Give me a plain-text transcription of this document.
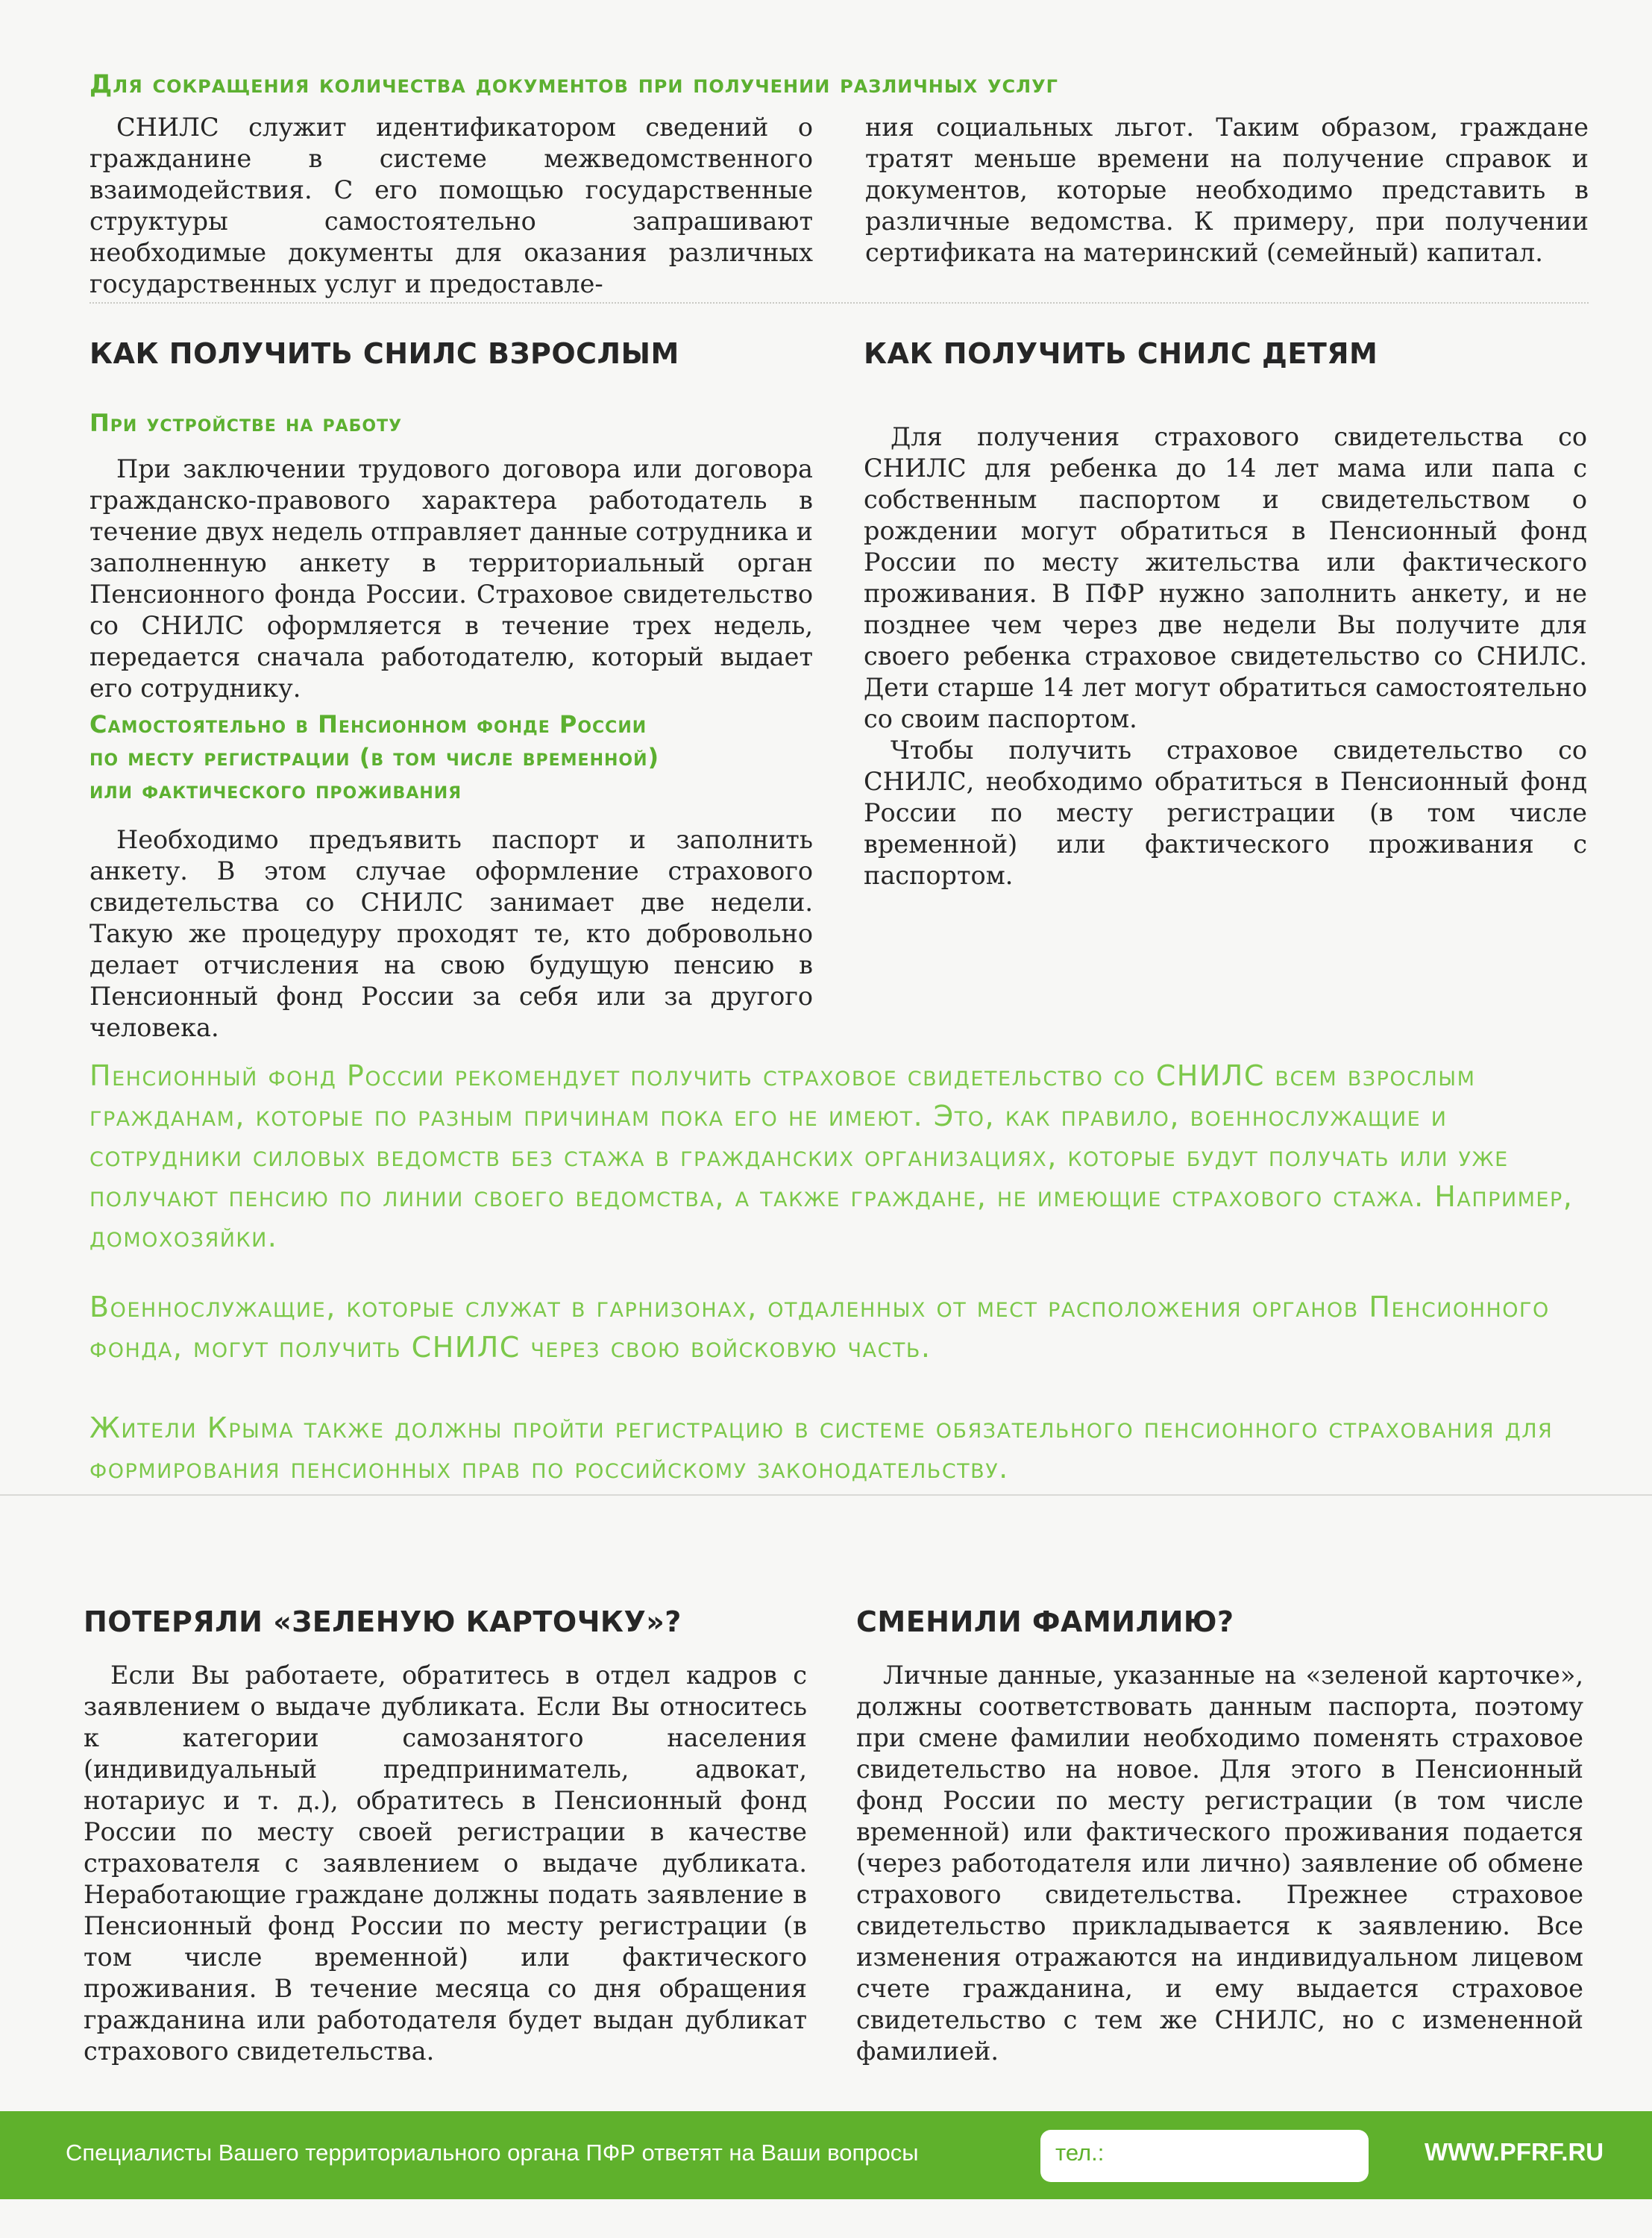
Для сокращения количества документов при получении различных услуг
СНИЛС служит идентификатором сведений о гражданине в системе межведомственного взаимодействия. С его помощью государственные структуры самостоятельно запрашивают необходимые документы для оказания различных государственных услуг и предоставле-
ния социальных льгот. Таким образом, граждане тратят меньше времени на получение справок и документов, которые необходимо представить в различные ведомства. К примеру, при получении сертификата на материнский (семейный) капитал.
КАК ПОЛУЧИТЬ СНИЛС ВЗРОСЛЫМ
При устройстве на работу
При заключении трудового договора или договора гражданско-правового характера работодатель в течение двух недель отправляет данные сотрудника и заполненную анкету в территориальный орган Пенсионного фонда России. Страховое свидетельство со СНИЛС оформляется в течение трех недель, передается сначала работодателю, который выдает его сотруднику.
Самостоятельно в Пенсионном фонде России
по месту регистрации (в том числе временной)
или фактического проживания
Необходимо предъявить паспорт и заполнить анкету. В этом случае оформление страхового свидетельства со СНИЛС занимает две недели. Такую же процедуру проходят те, кто добровольно делает отчисления на свою будущую пенсию в Пенсионный фонд России за себя или за другого человека.
КАК ПОЛУЧИТЬ СНИЛС ДЕТЯМ
Для получения страхового свидетельства со СНИЛС для ребенка до 14 лет мама или папа с собственным паспортом и свидетельством о рождении могут обратиться в Пенсионный фонд России по месту жительства или фактического проживания. В ПФР нужно заполнить анкету, и не позднее чем через две недели Вы получите для своего ребенка страховое свидетельство со СНИЛС. Дети старше 14 лет могут обратиться самостоятельно со своим паспортом.
Чтобы получить страховое свидетельство со СНИЛС, необходимо обратиться в Пенсионный фонд России по месту регистрации (в том числе временной) или фактического проживания с паспортом.
Пенсионный фонд России рекомендует получить страховое свидетельство со СНИЛС всем взрослым гражданам, которые по разным причинам пока его не имеют. Это, как правило, военнослужащие и сотрудники силовых ведомств без стажа в гражданских организациях, которые будут получать или уже получают пенсию по линии своего ведомства, а также граждане, не имеющие страхового стажа. Например, домохозяйки.
Военнослужащие, которые служат в гарнизонах, отдаленных от мест расположения органов Пенсионного фонда, могут получить СНИЛС через свою войсковую часть.
Жители Крыма также должны пройти регистрацию в системе обязательного пенсионного страхования для формирования пенсионных прав по российскому законодательству.
ПОТЕРЯЛИ «ЗЕЛЕНУЮ КАРТОЧКУ»?
Если Вы работаете, обратитесь в отдел кадров с заявлением о выдаче дубликата. Если Вы относитесь к категории самозанятого населения (индивидуальный предприниматель, адвокат, нотариус и т. д.), обратитесь в Пенсионный фонд России по месту своей регистрации в качестве страхователя с заявлением о выдаче дубликата. Неработающие граждане должны подать заявление в Пенсионный фонд России по месту регистрации (в том числе временной) или фактического проживания. В течение месяца со дня обращения гражданина или работодателя будет выдан дубликат страхового свидетельства.
СМЕНИЛИ ФАМИЛИЮ?
Личные данные, указанные на «зеленой карточке», должны соответствовать данным паспорта, поэтому при смене фамилии необходимо поменять страховое свидетельство на новое. Для этого в Пенсионный фонд России по месту регистрации (в том числе временной) или фактического проживания подается (через работодателя или лично) заявление об обмене страхового свидетельства. Прежнее страховое свидетельство прикладывается к заявлению. Все изменения отражаются на индивидуальном лицевом счете гражданина, и ему выдается страховое свидетельство с тем же СНИЛС, но с измененной фамилией.
Специалисты Вашего территориального органа ПФР ответят на Ваши вопросы	тел.:	WWW.PFRF.RU
